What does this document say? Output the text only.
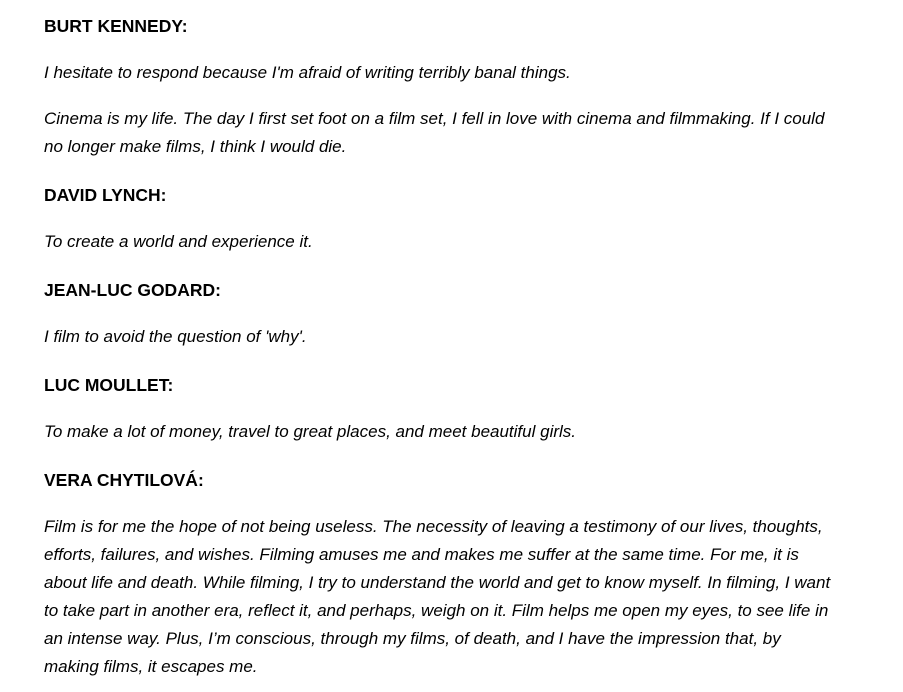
BURT KENNEDY:

I hesitate to respond because I'm afraid of writing terribly banal things.

Cinema is my life. The day I first set foot on a film set, I fell in love with cinema and filmmaking. If I could no longer make films, I think I would die.

DAVID LYNCH:

To create a world and experience it.

JEAN-LUC GODARD:

I film to avoid the question of 'why'.

LUC MOULLET:

To make a lot of money, travel to great places, and meet beautiful girls.

VERA CHYTILOVÁ:

Film is for me the hope of not being useless. The necessity of leaving a testimony of our lives, thoughts, efforts, failures, and wishes. Filming amuses me and makes me suffer at the same time. For me, it is about life and death. While filming, I try to understand the world and get to know myself. In filming, I want to take part in another era, reflect it, and perhaps, weigh on it. Film helps me open my eyes, to see life in an intense way. Plus, I’m conscious, through my films, of death, and I have the impression that, by making films, it escapes me.
